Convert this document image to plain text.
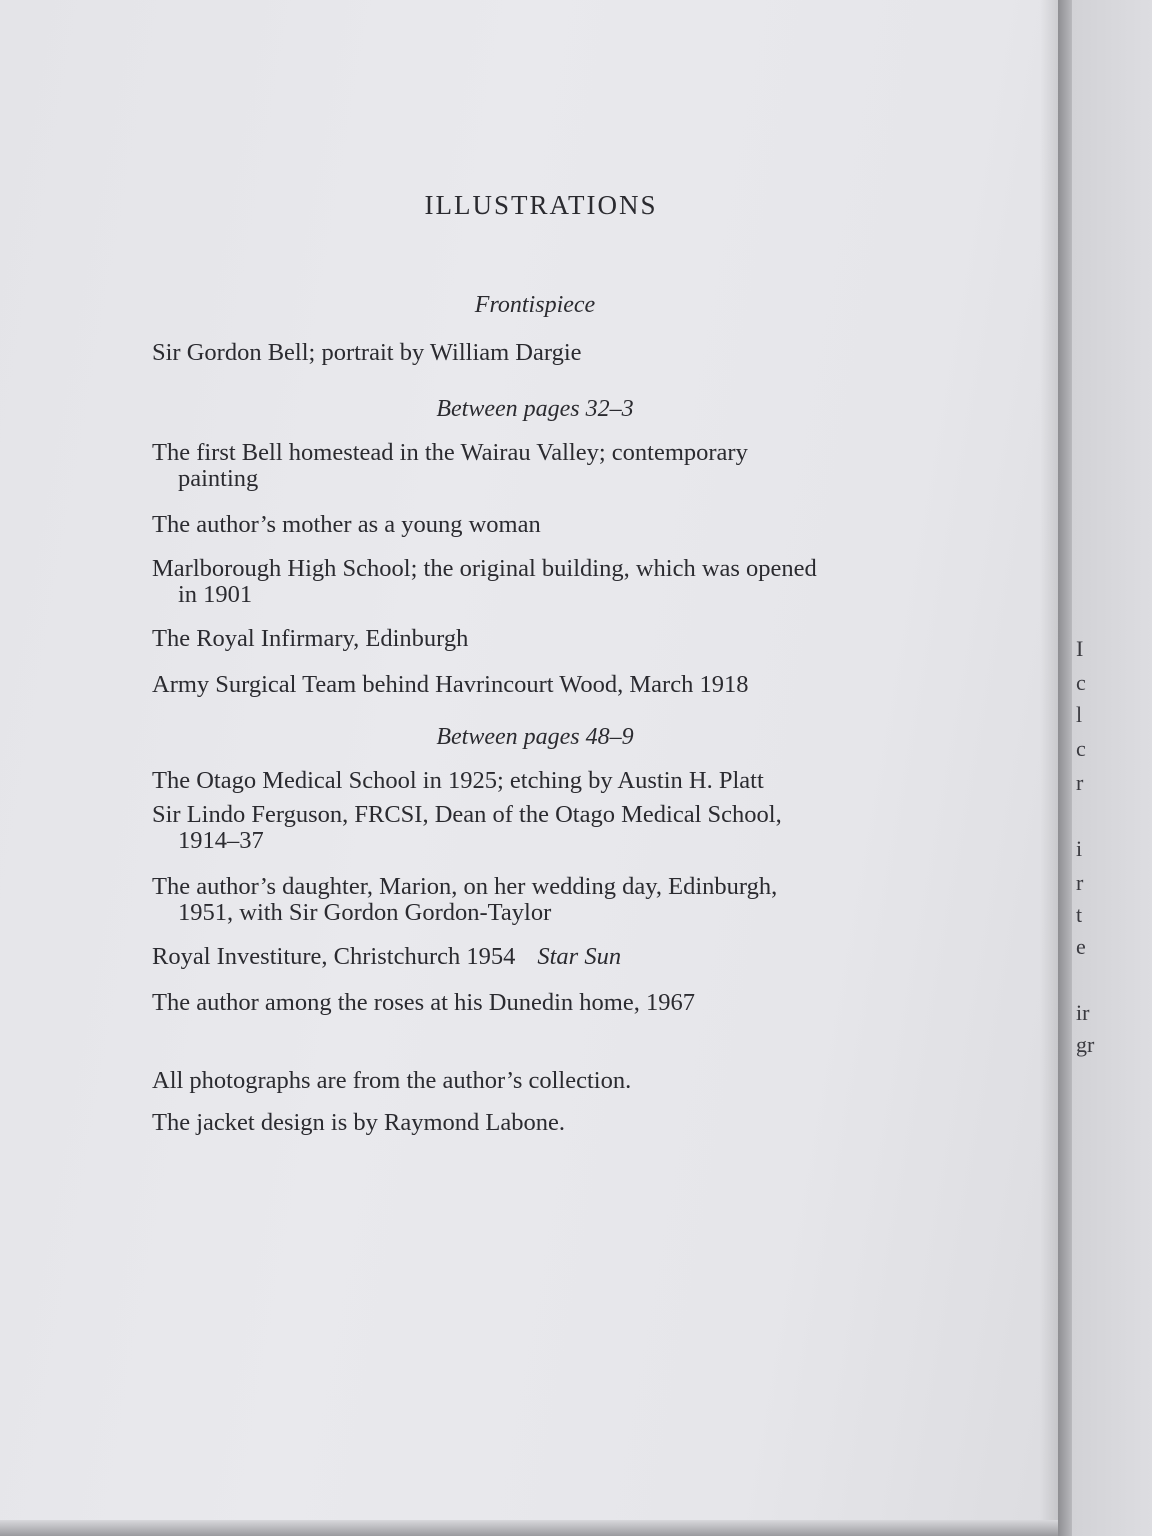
I

c

l

c

r

i

r

t

e

ir

gr

ILLUSTRATIONS

Frontispiece

Sir Gordon Bell; portrait by William Dargie

Between pages 32–3

The first Bell homestead in the Wairau Valley; contemporary
painting

The author’s mother as a young woman

Marlborough High School; the original building, which was opened
in 1901

The Royal Infirmary, Edinburgh

Army Surgical Team behind Havrincourt Wood, March 1918

Between pages 48–9

The Otago Medical School in 1925; etching by Austin H. Platt

Sir Lindo Ferguson, FRCSI, Dean of the Otago Medical School,
1914–37

The author’s daughter, Marion, on her wedding day, Edinburgh,
1951, with Sir Gordon Gordon-Taylor

Royal Investiture, Christchurch 1954 Star Sun

The author among the roses at his Dunedin home, 1967

All photographs are from the author’s collection.

The jacket design is by Raymond Labone.
